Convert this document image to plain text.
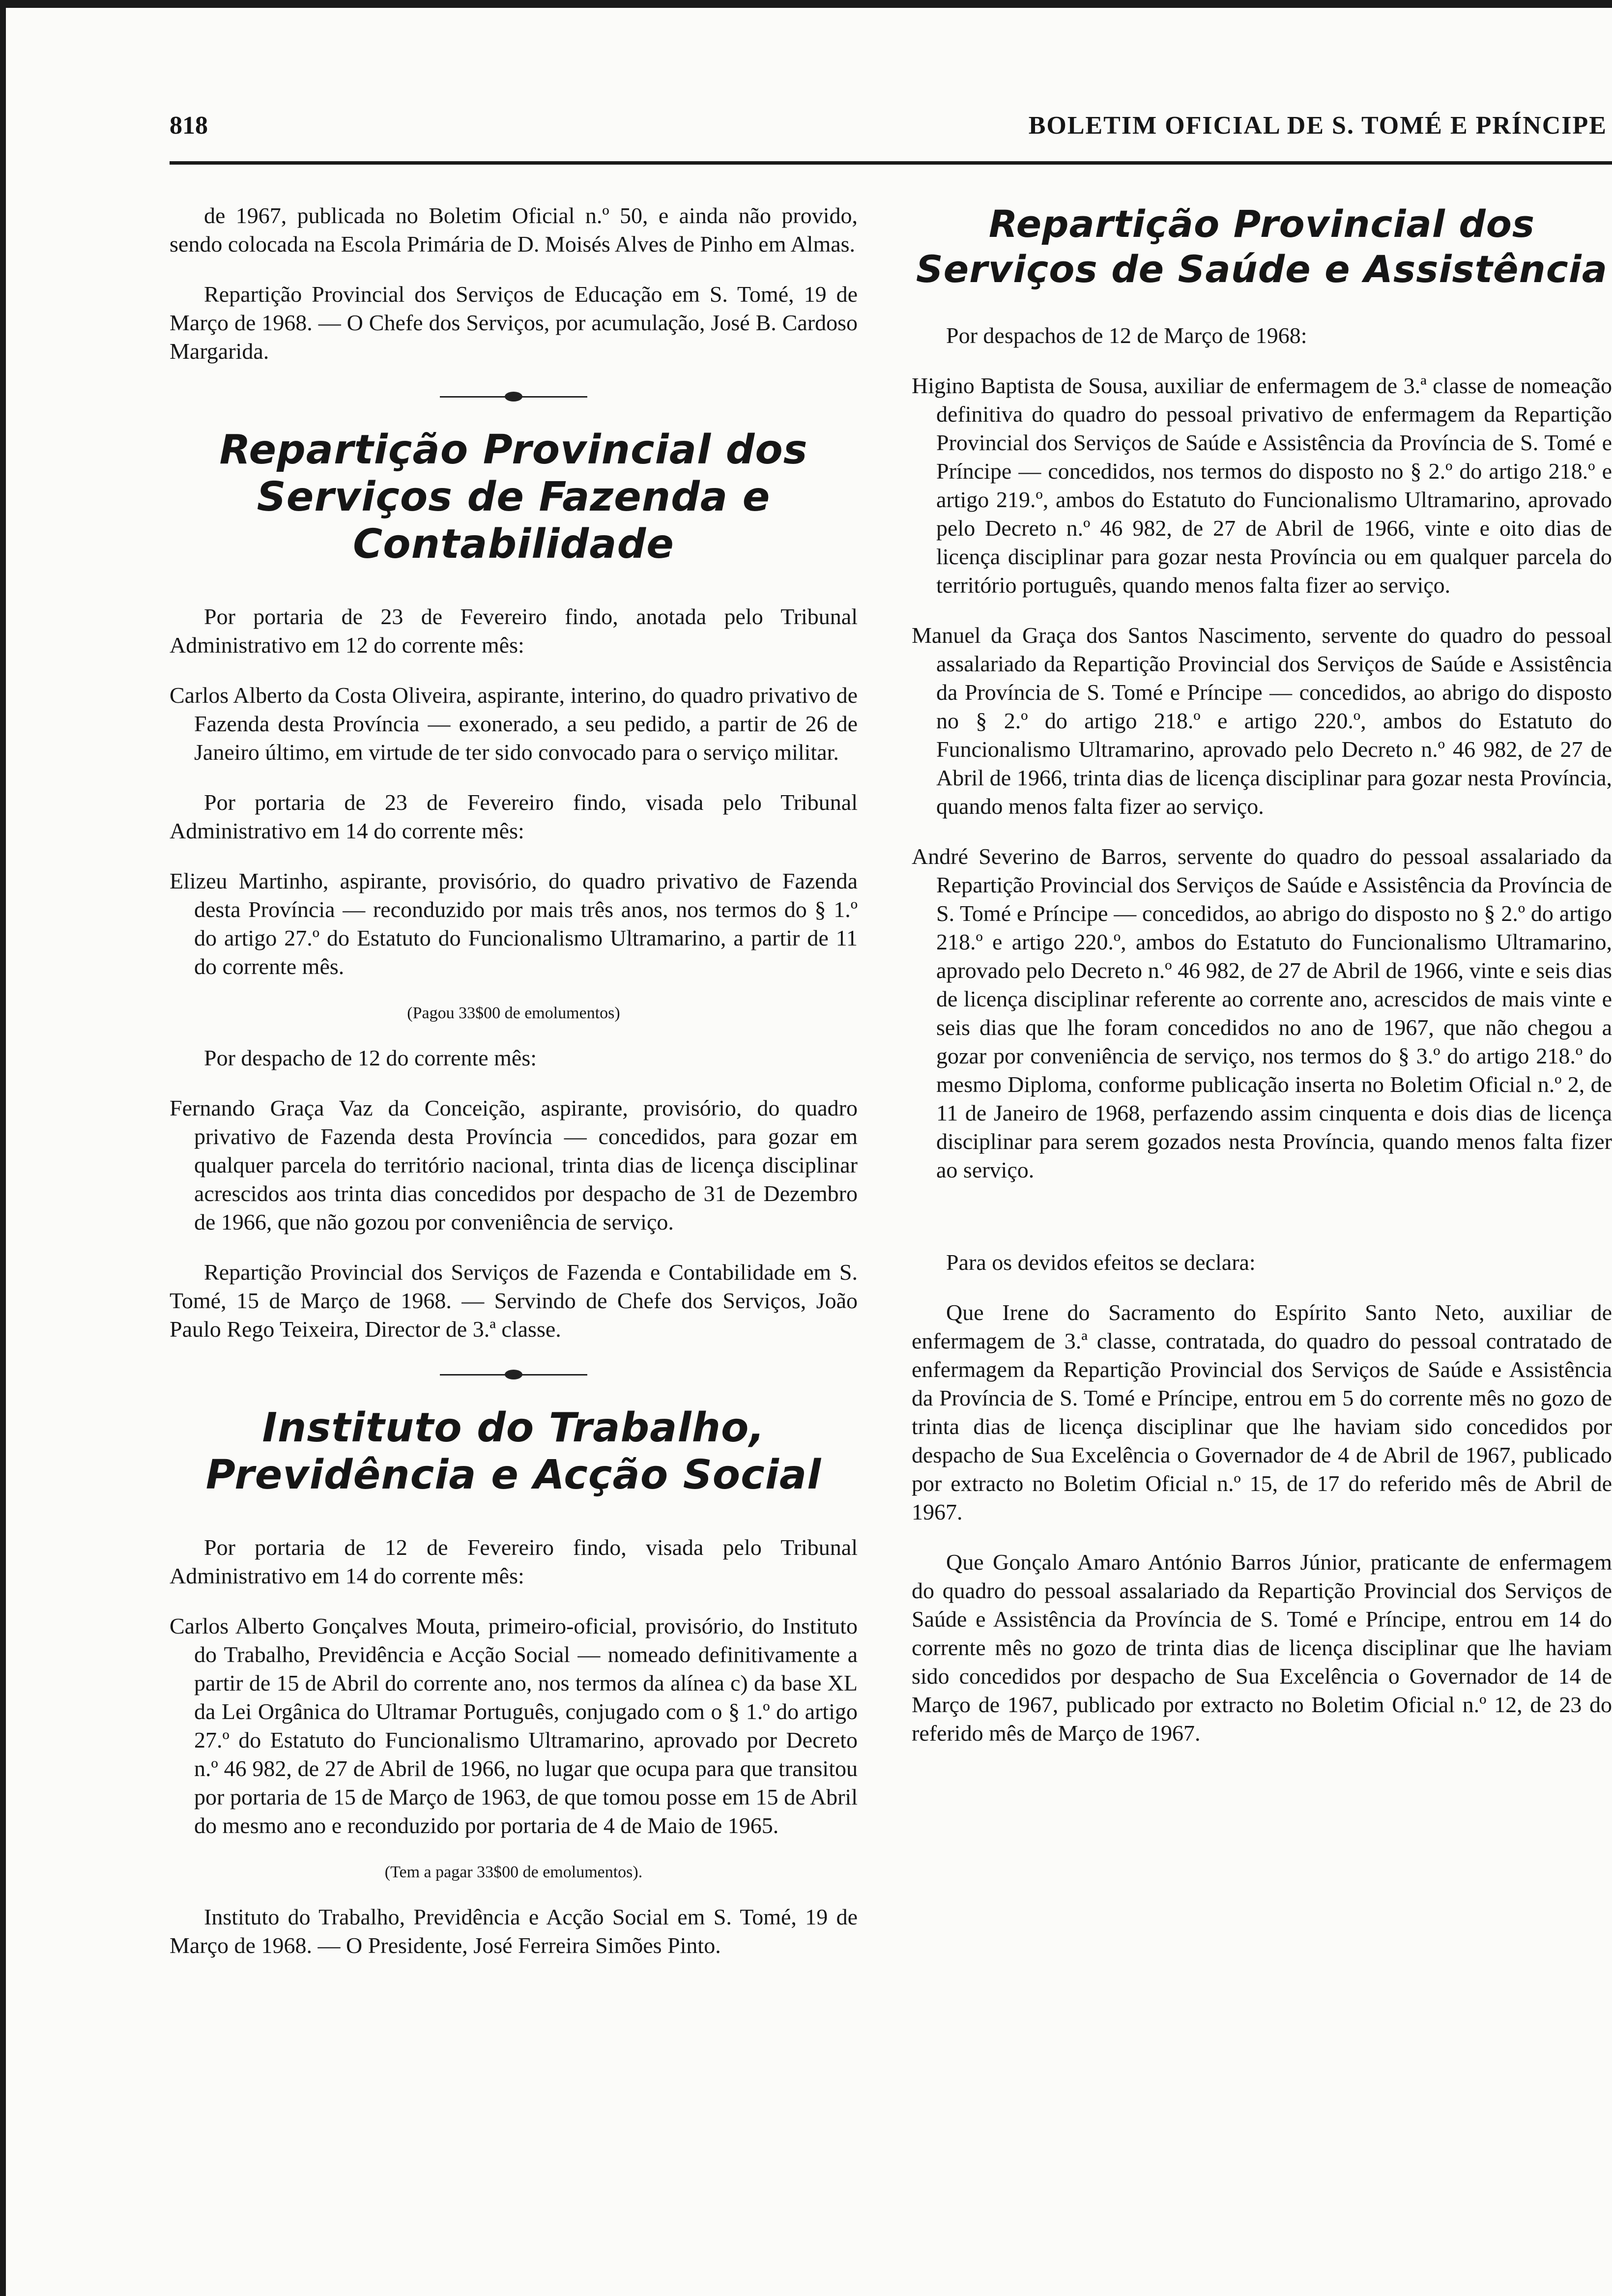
818	BOLETIM OFICIAL DE S. TOMÉ E PRÍNCIPE

de 1967, publicada no Boletim Oficial n.º 50, e ainda não provido, sendo colocada na Escola Primária de D. Moisés Alves de Pinho em Almas.

Repartição Provincial dos Serviços de Educação em S. Tomé, 19 de Março de 1968. — O Chefe dos Serviços, por acumulação, José B. Cardoso Margarida.

Repartição Provincial dos Serviços de Fazenda e Contabilidade

Por portaria de 23 de Fevereiro findo, anotada pelo Tribunal Administrativo em 12 do corrente mês:

Carlos Alberto da Costa Oliveira, aspirante, interino, do quadro privativo de Fazenda desta Província — exonerado, a seu pedido, a partir de 26 de Janeiro último, em virtude de ter sido convocado para o serviço militar.

Por portaria de 23 de Fevereiro findo, visada pelo Tribunal Administrativo em 14 do corrente mês:

Elizeu Martinho, aspirante, provisório, do quadro privativo de Fazenda desta Província — reconduzido por mais três anos, nos termos do § 1.º do artigo 27.º do Estatuto do Funcionalismo Ultramarino, a partir de 11 do corrente mês.

(Pagou 33$00 de emolumentos)

Por despacho de 12 do corrente mês:

Fernando Graça Vaz da Conceição, aspirante, provisório, do quadro privativo de Fazenda desta Província — concedidos, para gozar em qualquer parcela do território nacional, trinta dias de licença disciplinar acrescidos aos trinta dias concedidos por despacho de 31 de Dezembro de 1966, que não gozou por conveniência de serviço.

Repartição Provincial dos Serviços de Fazenda e Contabilidade em S. Tomé, 15 de Março de 1968. — Servindo de Chefe dos Serviços, João Paulo Rego Teixeira, Director de 3.ª classe.

Instituto do Trabalho, Previdência e Acção Social

Por portaria de 12 de Fevereiro findo, visada pelo Tribunal Administrativo em 14 do corrente mês:

Carlos Alberto Gonçalves Mouta, primeiro-oficial, provisório, do Instituto do Trabalho, Previdência e Acção Social — nomeado definitivamente a partir de 15 de Abril do corrente ano, nos termos da alínea c) da base XL da Lei Orgânica do Ultramar Português, conjugado com o § 1.º do artigo 27.º do Estatuto do Funcionalismo Ultramarino, aprovado por Decreto n.º 46 982, de 27 de Abril de 1966, no lugar que ocupa para que transitou por portaria de 15 de Março de 1963, de que tomou posse em 15 de Abril do mesmo ano e reconduzido por portaria de 4 de Maio de 1965.

(Tem a pagar 33$00 de emolumentos).

Instituto do Trabalho, Previdência e Acção Social em S. Tomé, 19 de Março de 1968. — O Presidente, José Ferreira Simões Pinto.

Repartição Provincial dos Serviços de Saúde e Assistência

Por despachos de 12 de Março de 1968:

Higino Baptista de Sousa, auxiliar de enfermagem de 3.ª classe de nomeação definitiva do quadro do pessoal privativo de enfermagem da Repartição Provincial dos Serviços de Saúde e Assistência da Província de S. Tomé e Príncipe — concedidos, nos termos do disposto no § 2.º do artigo 218.º e artigo 219.º, ambos do Estatuto do Funcionalismo Ultramarino, aprovado pelo Decreto n.º 46 982, de 27 de Abril de 1966, vinte e oito dias de licença disciplinar para gozar nesta Província ou em qualquer parcela do território português, quando menos falta fizer ao serviço.

Manuel da Graça dos Santos Nascimento, servente do quadro do pessoal assalariado da Repartição Provincial dos Serviços de Saúde e Assistência da Província de S. Tomé e Príncipe — concedidos, ao abrigo do disposto no § 2.º do artigo 218.º e artigo 220.º, ambos do Estatuto do Funcionalismo Ultramarino, aprovado pelo Decreto n.º 46 982, de 27 de Abril de 1966, trinta dias de licença disciplinar para gozar nesta Província, quando menos falta fizer ao serviço.

André Severino de Barros, servente do quadro do pessoal assalariado da Repartição Provincial dos Serviços de Saúde e Assistência da Província de S. Tomé e Príncipe — concedidos, ao abrigo do disposto no § 2.º do artigo 218.º e artigo 220.º, ambos do Estatuto do Funcionalismo Ultramarino, aprovado pelo Decreto n.º 46 982, de 27 de Abril de 1966, vinte e seis dias de licença disciplinar referente ao corrente ano, acrescidos de mais vinte e seis dias que lhe foram concedidos no ano de 1967, que não chegou a gozar por conveniência de serviço, nos termos do § 3.º do artigo 218.º do mesmo Diploma, conforme publicação inserta no Boletim Oficial n.º 2, de 11 de Janeiro de 1968, perfazendo assim cinquenta e dois dias de licença disciplinar para serem gozados nesta Província, quando menos falta fizer ao serviço.

Para os devidos efeitos se declara:

Que Irene do Sacramento do Espírito Santo Neto, auxiliar de enfermagem de 3.ª classe, contratada, do quadro do pessoal contratado de enfermagem da Repartição Provincial dos Serviços de Saúde e Assistência da Província de S. Tomé e Príncipe, entrou em 5 do corrente mês no gozo de trinta dias de licença disciplinar que lhe haviam sido concedidos por despacho de Sua Excelência o Governador de 4 de Abril de 1967, publicado por extracto no Boletim Oficial n.º 15, de 17 do referido mês de Abril de 1967.

Que Gonçalo Amaro António Barros Júnior, praticante de enfermagem do quadro do pessoal assalariado da Repartição Provincial dos Serviços de Saúde e Assistência da Província de S. Tomé e Príncipe, entrou em 14 do corrente mês no gozo de trinta dias de licença disciplinar que lhe haviam sido concedidos por despacho de Sua Excelência o Governador de 14 de Março de 1967, publicado por extracto no Boletim Oficial n.º 12, de 23 do referido mês de Março de 1967.
